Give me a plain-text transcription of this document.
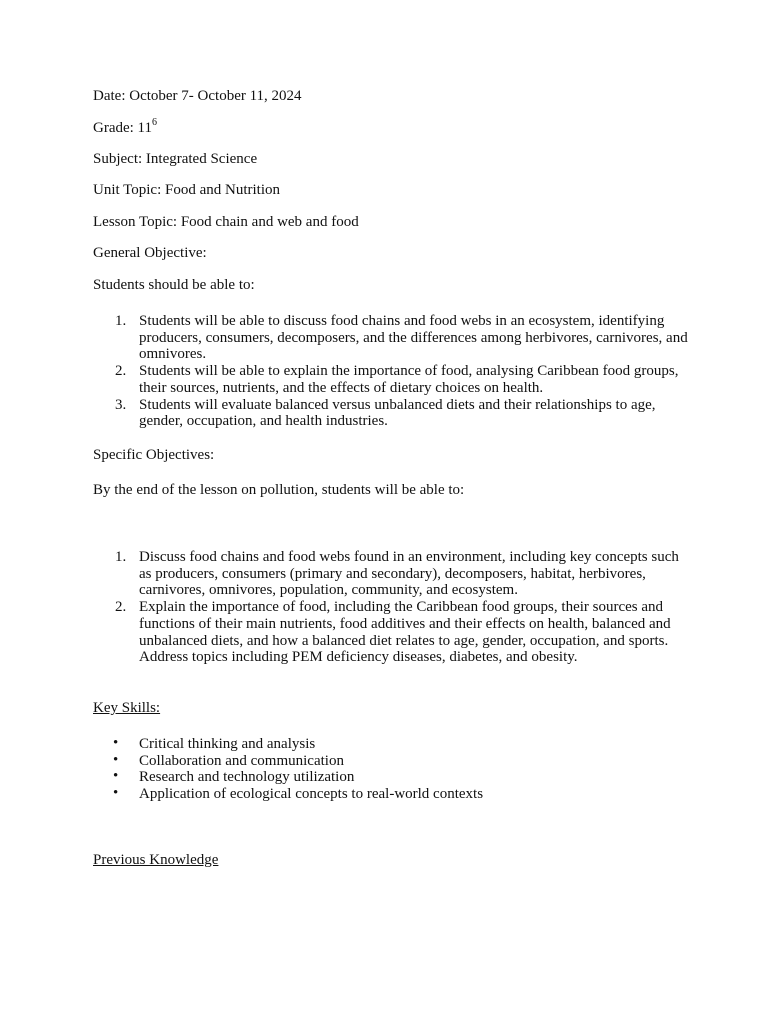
Date: October 7- October 11, 2024
Grade: $11^6$
Subject: Integrated Science
Unit Topic: Food and Nutrition
Lesson Topic: Food chain and web and food
General Objective:
Students should be able to:
1. Students will be able to discuss food chains and food webs in an ecosystem, identifying producers, consumers, decomposers, and the differences among herbivores, carnivores, and omnivores.
2. Students will be able to explain the importance of food, analysing Caribbean food groups, their sources, nutrients, and the effects of dietary choices on health.
3. Students will evaluate balanced versus unbalanced diets and their relationships to age, gender, occupation, and health industries.
Specific Objectives:
By the end of the lesson on pollution, students will be able to:
1. Discuss food chains and food webs found in an environment, including key concepts such as producers, consumers (primary and secondary), decomposers, habitat, herbivores, carnivores, omnivores, population, community, and ecosystem.
2. Explain the importance of food, including the Caribbean food groups, their sources and functions of their main nutrients, food additives and their effects on health, balanced and unbalanced diets, and how a balanced diet relates to age, gender, occupation, and sports. Address topics including PEM deficiency diseases, diabetes, and obesity.
Key Skills:
• Critical thinking and analysis
• Collaboration and communication
• Research and technology utilization
• Application of ecological concepts to real-world contexts
Previous Knowledge
